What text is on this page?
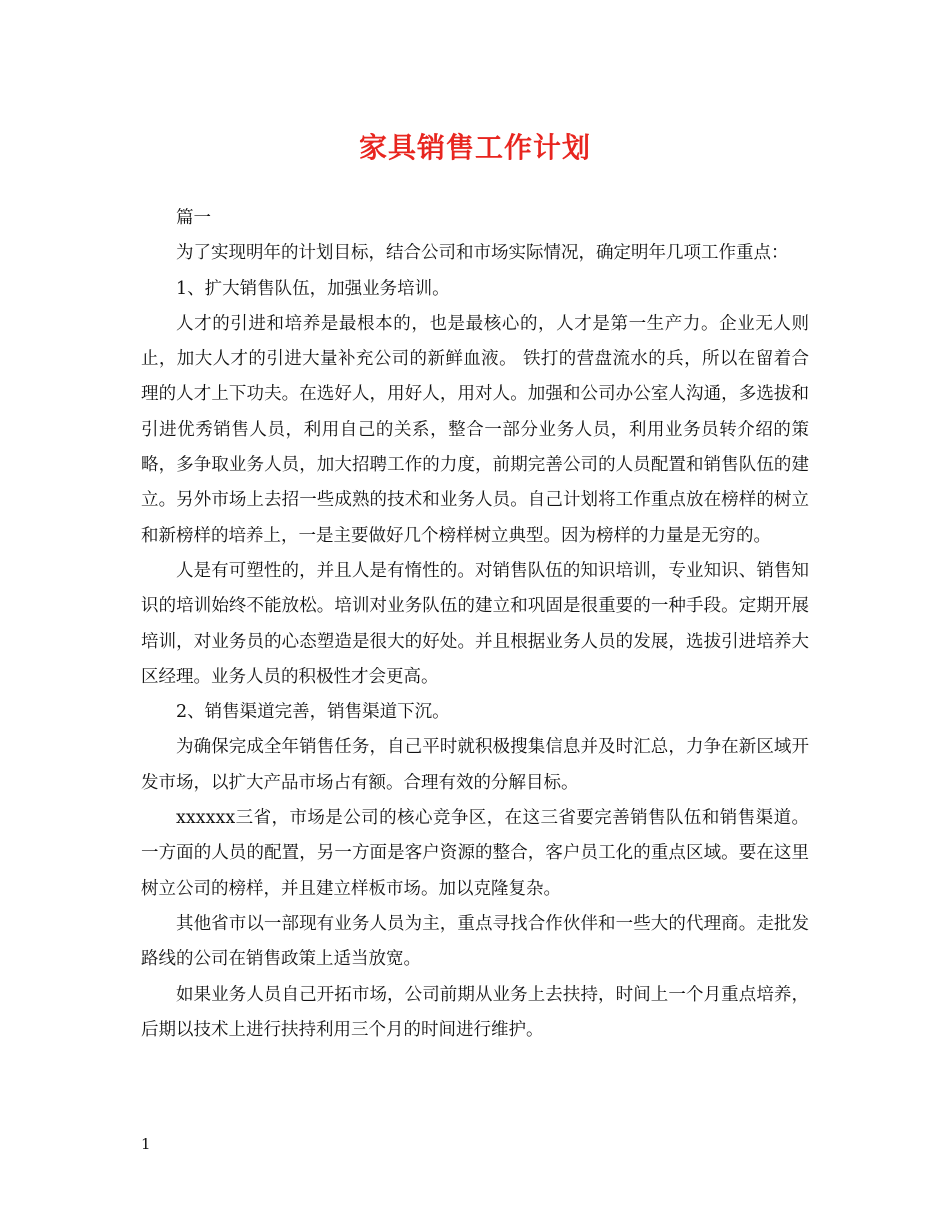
家具销售工作计划

篇一

为了实现明年的计划目标，结合公司和市场实际情况，确定明年几项工作重点：

1、扩大销售队伍，加强业务培训。

人才的引进和培养是最根本的，也是最核心的，人才是第一生产力。企业无人则止，加大人才的引进大量补充公司的新鲜血液。 铁打的营盘流水的兵，所以在留着合理的人才上下功夫。在选好人，用好人，用对人。加强和公司办公室人沟通，多选拔和引进优秀销售人员，利用自己的关系，整合一部分业务人员，利用业务员转介绍的策略，多争取业务人员，加大招聘工作的力度，前期完善公司的人员配置和销售队伍的建立。另外市场上去招一些成熟的技术和业务人员。自己计划将工作重点放在榜样的树立和新榜样的培养上，一是主要做好几个榜样树立典型。因为榜样的力量是无穷的。

人是有可塑性的，并且人是有惰性的。对销售队伍的知识培训，专业知识、销售知识的培训始终不能放松。培训对业务队伍的建立和巩固是很重要的一种手段。定期开展培训，对业务员的心态塑造是很大的好处。并且根据业务人员的发展，选拔引进培养大区经理。业务人员的积极性才会更高。

2、销售渠道完善，销售渠道下沉。

为确保完成全年销售任务，自己平时就积极搜集信息并及时汇总，力争在新区域开发市场，以扩大产品市场占有额。合理有效的分解目标。

xxxxxx三省，市场是公司的核心竞争区，在这三省要完善销售队伍和销售渠道。一方面的人员的配置，另一方面是客户资源的整合，客户员工化的重点区域。要在这里树立公司的榜样，并且建立样板市场。加以克隆复杂。

其他省市以一部现有业务人员为主，重点寻找合作伙伴和一些大的代理商。走批发路线的公司在销售政策上适当放宽。

如果业务人员自己开拓市场，公司前期从业务上去扶持，时间上一个月重点培养，后期以技术上进行扶持利用三个月的时间进行维护。

1
